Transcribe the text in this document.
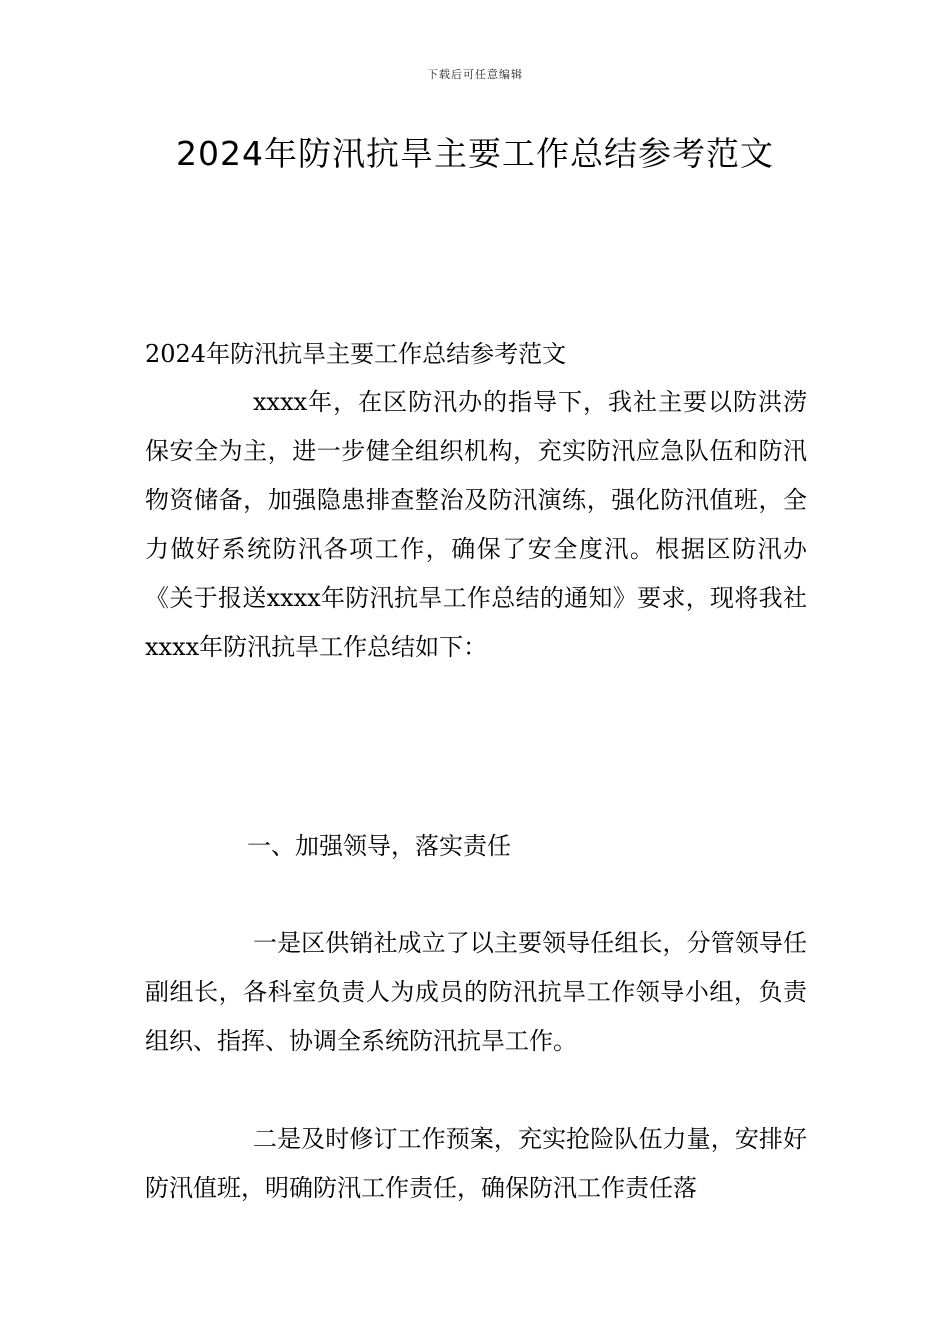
下载后可任意编辑
2024年防汛抗旱主要工作总结参考范文

2024年防汛抗旱主要工作总结参考范文

xxxx年，在区防汛办的指导下，我社主要以防洪涝保安全为主，进一步健全组织机构，充实防汛应急队伍和防汛物资储备，加强隐患排查整治及防汛演练，强化防汛值班，全力做好系统防汛各项工作，确保了安全度汛。根据区防汛办《关于报送xxxx年防汛抗旱工作总结的通知》要求，现将我社xxxx年防汛抗旱工作总结如下：

一、加强领导，落实责任

一是区供销社成立了以主要领导任组长，分管领导任副组长，各科室负责人为成员的防汛抗旱工作领导小组，负责组织、指挥、协调全系统防汛抗旱工作。

二是及时修订工作预案，充实抢险队伍力量，安排好防汛值班，明确防汛工作责任，确保防汛工作责任落
